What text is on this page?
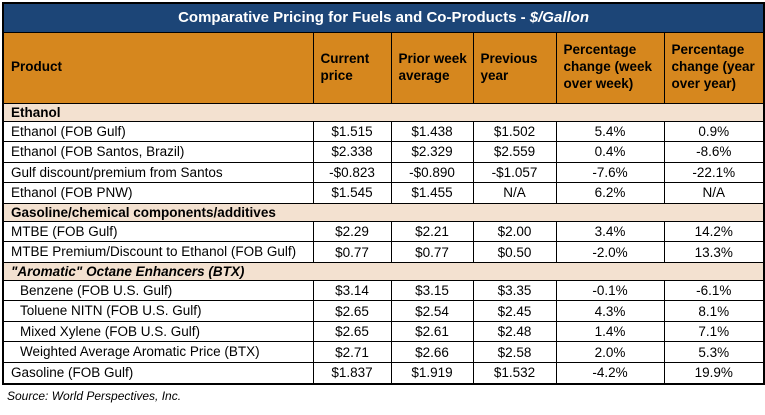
Comparative Pricing for Fuels and Co-Products - $/Gallon					
Product	Current price	Prior week average	Previous year	Percentage change (week over week)	Percentage change (year over year)
Ethanol					
Ethanol (FOB Gulf)	$1.515	$1.438	$1.502	5.4%	0.9%
Ethanol (FOB Santos, Brazil)	$2.338	$2.329	$2.559	0.4%	-8.6%
Gulf discount/premium from Santos	-$0.823	-$0.890	-$1.057	-7.6%	-22.1%
Ethanol (FOB PNW)	$1.545	$1.455	N/A	6.2%	N/A
Gasoline/chemical components/additives					
MTBE (FOB Gulf)	$2.29	$2.21	$2.00	3.4%	14.2%
MTBE Premium/Discount to Ethanol (FOB Gulf)	$0.77	$0.77	$0.50	-2.0%	13.3%
"Aromatic" Octane Enhancers (BTX)					
Benzene (FOB U.S. Gulf)	$3.14	$3.15	$3.35	-0.1%	-6.1%
Toluene NITN (FOB U.S. Gulf)	$2.65	$2.54	$2.45	4.3%	8.1%
Mixed Xylene (FOB U.S. Gulf)	$2.65	$2.61	$2.48	1.4%	7.1%
Weighted Average Aromatic Price (BTX)	$2.71	$2.66	$2.58	2.0%	5.3%
Gasoline (FOB Gulf)	$1.837	$1.919	$1.532	-4.2%	19.9%
Source: World Perspectives, Inc.
